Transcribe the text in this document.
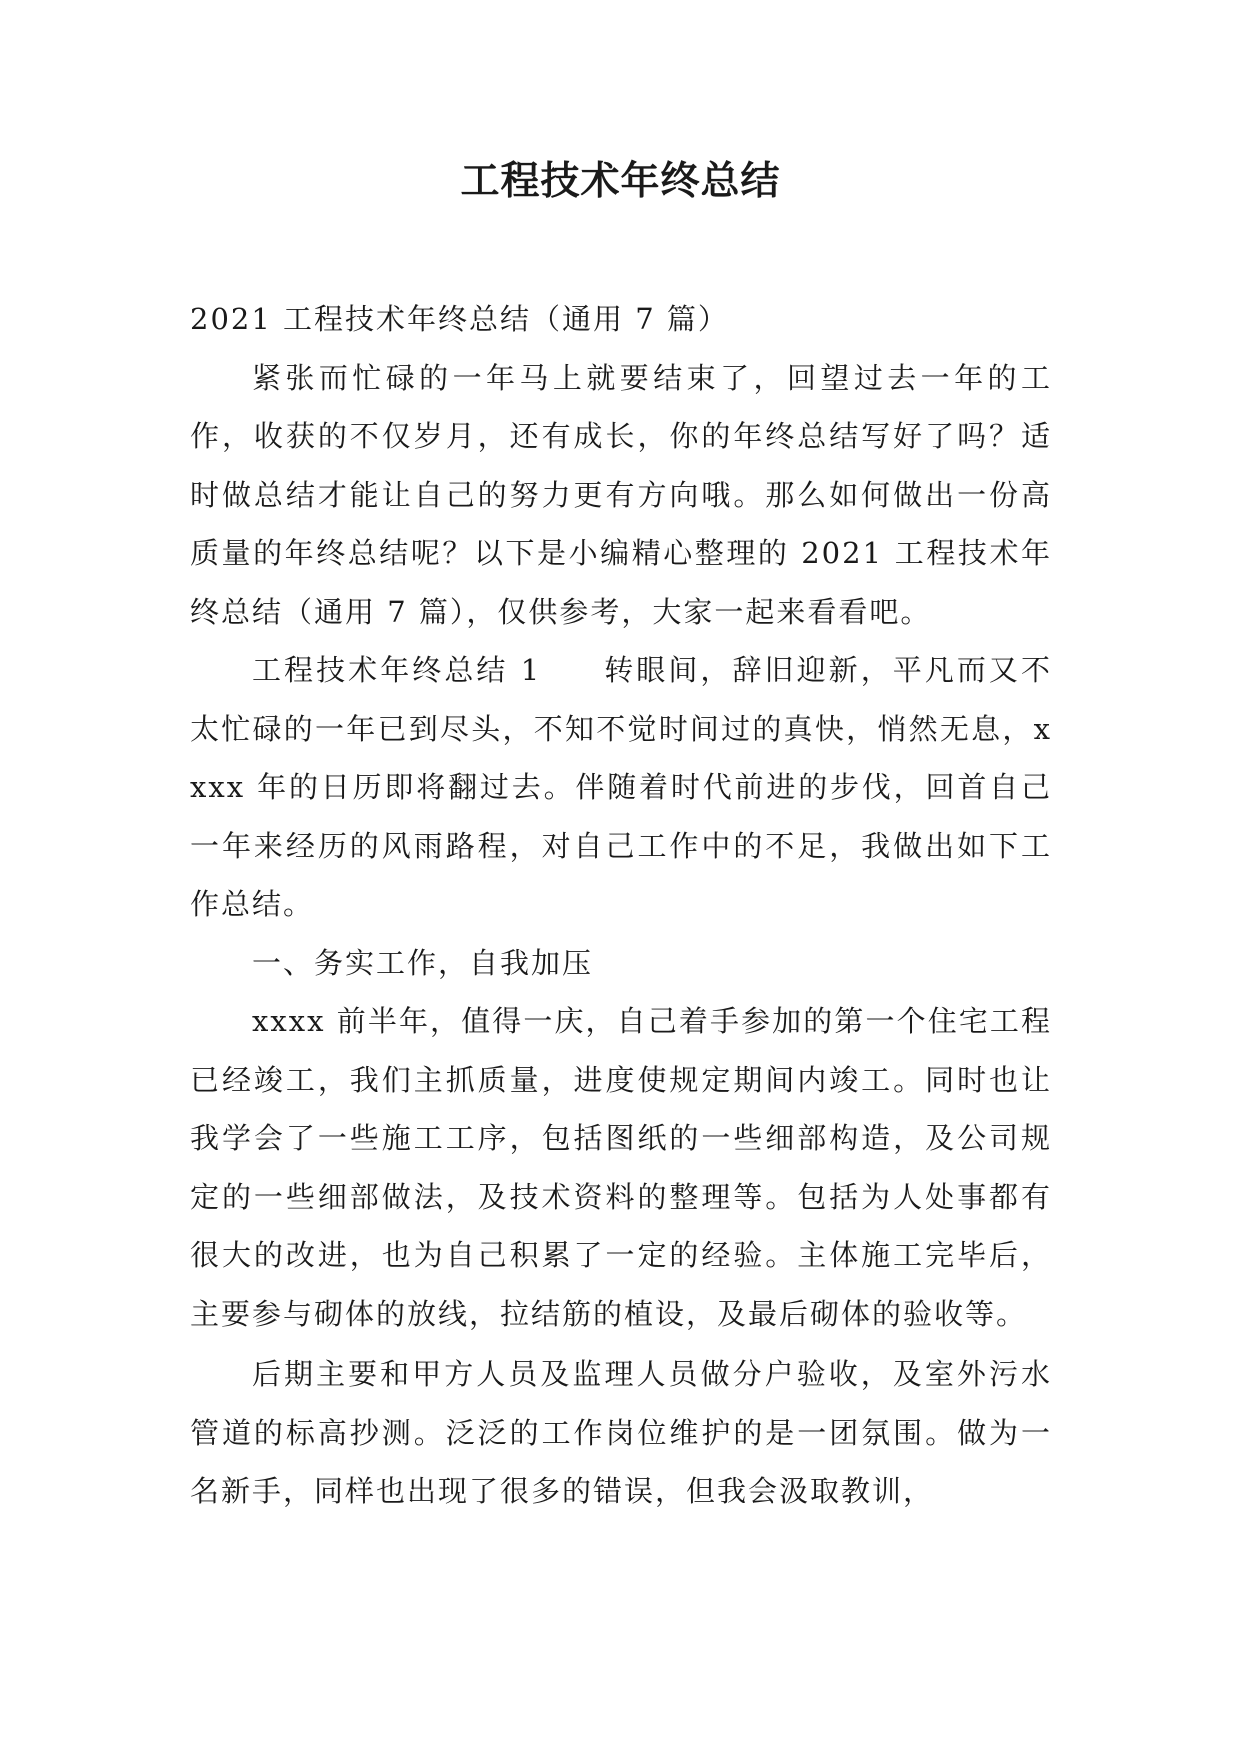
工程技术年终总结

2021 工程技术年终总结（通用 7 篇）

紧张而忙碌的一年马上就要结束了，回望过去一年的工作，收获的不仅岁月，还有成长，你的年终总结写好了吗？适时做总结才能让自己的努力更有方向哦。那么如何做出一份高质量的年终总结呢？以下是小编精心整理的 2021 工程技术年终总结（通用 7 篇），仅供参考，大家一起来看看吧。

工程技术年终总结 1 转眼间，辞旧迎新，平凡而又不太忙碌的一年已到尽头，不知不觉时间过的真快，悄然无息，xxxx 年的日历即将翻过去。伴随着时代前进的步伐，回首自己一年来经历的风雨路程，对自己工作中的不足，我做出如下工作总结。

一、务实工作，自我加压

xxxx 前半年，值得一庆，自己着手参加的第一个住宅工程已经竣工，我们主抓质量，进度使规定期间内竣工。同时也让我学会了一些施工工序，包括图纸的一些细部构造，及公司规定的一些细部做法，及技术资料的整理等。包括为人处事都有很大的改进，也为自己积累了一定的经验。主体施工完毕后，主要参与砌体的放线，拉结筋的植设，及最后砌体的验收等。

后期主要和甲方人员及监理人员做分户验收，及室外污水管道的标高抄测。泛泛的工作岗位维护的是一团氛围。做为一名新手，同样也出现了很多的错误，但我会汲取教训，
